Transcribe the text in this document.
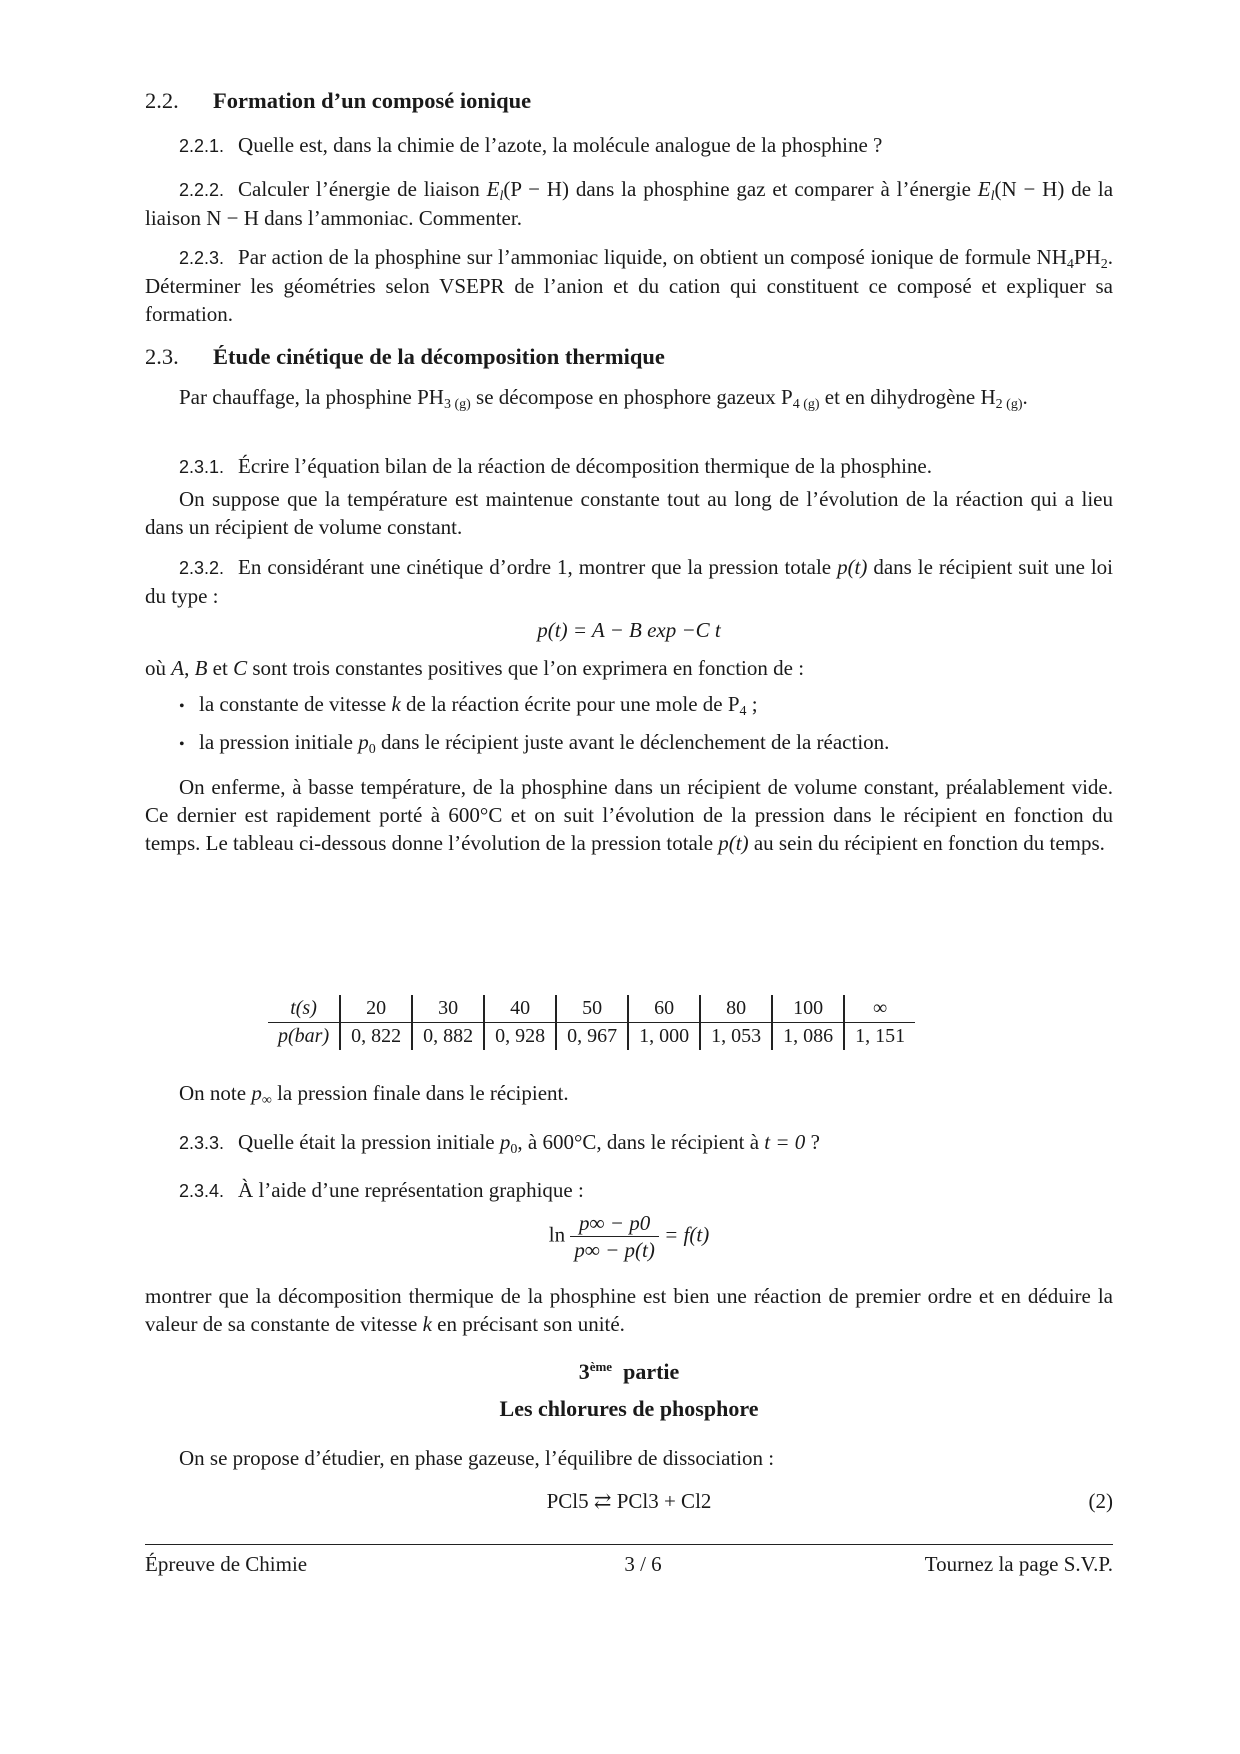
2.2. Formation d’un composé ionique
2.2.1. Quelle est, dans la chimie de l’azote, la molécule analogue de la phosphine ?
2.2.2. Calculer l’énergie de liaison $E_l(P - H)$ dans la phosphine gaz et comparer à l’énergie $E_l(N - H)$ de la liaison N − H dans l’ammoniac. Commenter.
2.2.3. Par action de la phosphine sur l’ammoniac liquide, on obtient un composé ionique de formule $NH_4PH_2$. Déterminer les géométries selon VSEPR de l’anion et du cation qui constituent ce composé et expliquer sa formation.
2.3. Étude cinétique de la décomposition thermique
Par chauffage, la phosphine $PH_{3 (g)}$ se décompose en phosphore gazeux $P_{4 (g)}$ et en dihydrogène $H_{2 (g)}$.
2.3.1. Écrire l’équation bilan de la réaction de décomposition thermique de la phosphine.
On suppose que la température est maintenue constante tout au long de l’évolution de la réaction qui a lieu dans un récipient de volume constant.
2.3.2. En considérant une cinétique d’ordre 1, montrer que la pression totale p(t) dans le récipient suit une loi du type :
p(t) = A − B exp −C t
où A, B et C sont trois constantes positives que l’on exprimera en fonction de :
• la constante de vitesse k de la réaction écrite pour une mole de $P_4$ ;
• la pression initiale $p_0$ dans le récipient juste avant le déclenchement de la réaction.
On enferme, à basse température, de la phosphine dans un récipient de volume constant, préalablement vide. Ce dernier est rapidement porté à 600°C et on suit l’évolution de la pression dans le récipient en fonction du temps. Le tableau ci-dessous donne l’évolution de la pression totale p(t) au sein du récipient en fonction du temps.
t(s)	20	30	40	50	60	80	100	∞
p(bar)	0, 822	0, 882	0, 928	0, 967	1, 000	1, 053	1, 086	1, 151
On note $p_\infty$ la pression finale dans le récipient.
2.3.3. Quelle était la pression initiale $p_0$, à 600°C, dans le récipient à t = 0 ?
2.3.4. À l’aide d’une représentation graphique :
$\ln \frac{p\infty - p0}{p\infty - p(t)} = f(t)$
montrer que la décomposition thermique de la phosphine est bien une réaction de premier ordre et en déduire la valeur de sa constante de vitesse k en précisant son unité.
3ème partie
Les chlorures de phosphore
On se propose d’étudier, en phase gazeuse, l’équilibre de dissociation :
PCl5 ⇄ PCl3 + Cl2	(2)
Épreuve de Chimie	3 / 6	Tournez la page S.V.P.
